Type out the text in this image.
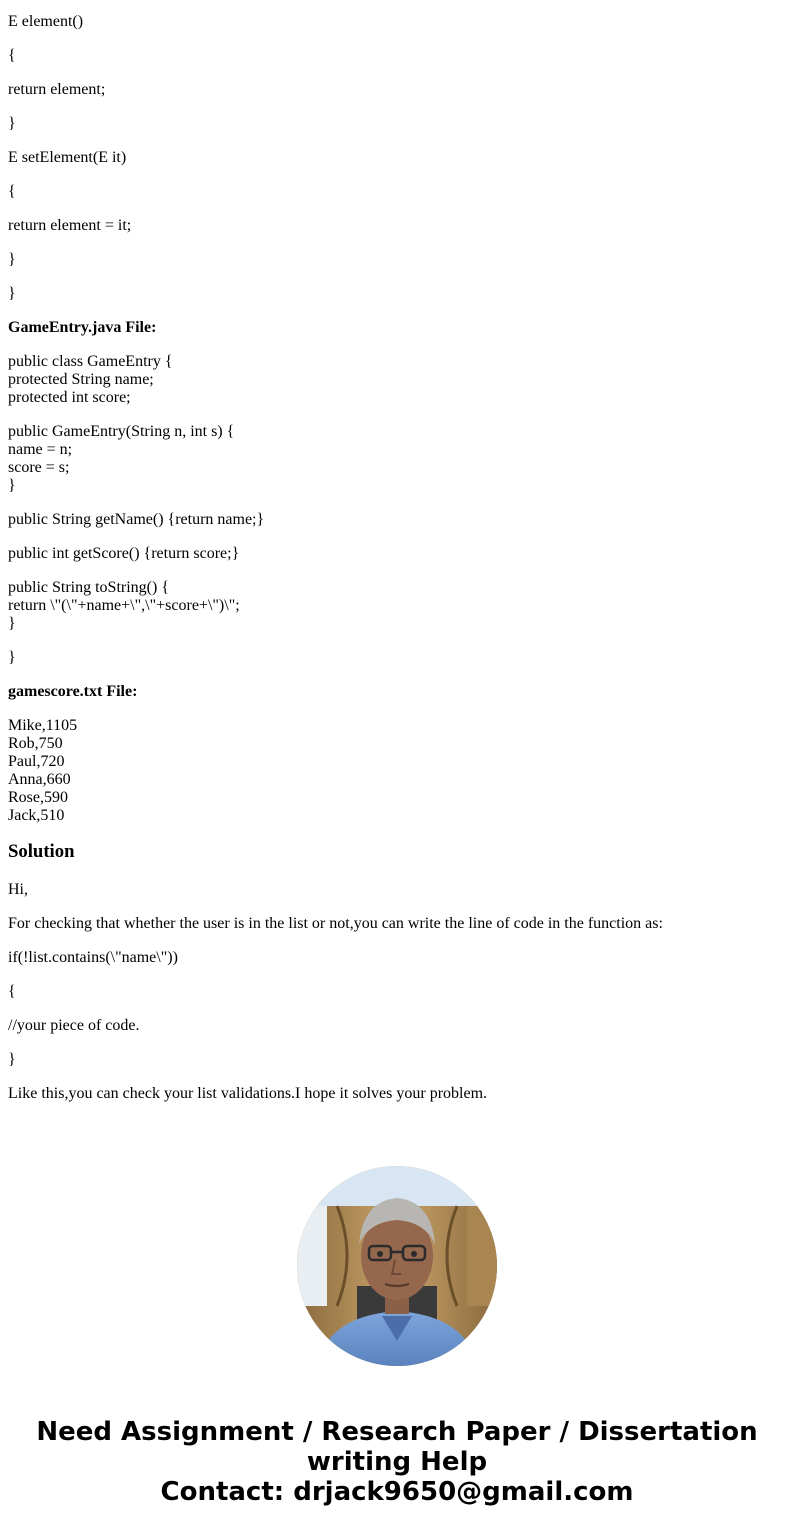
E element()

{

return element;

}

E setElement(E it)

{

return element = it;

}

}

GameEntry.java File:

public class GameEntry {
protected String name;
protected int score;

public GameEntry(String n, int s) {
name = n;
score = s;
}

public String getName() {return name;}

public int getScore() {return score;}

public String toString() {
return \"(\"+name+\",\"+score+\")\";
}

}

gamescore.txt File:

Mike,1105
Rob,750
Paul,720
Anna,660
Rose,590
Jack,510

Solution

Hi,

For checking that whether the user is in the list or not,you can write the line of code in the function as:

if(!list.contains(\"name\"))

{

//your piece of code.

}

Like this,you can check your list validations.I hope it solves your problem.

Need Assignment / Research Paper / Dissertation
writing Help
Contact: drjack9650@gmail.com
